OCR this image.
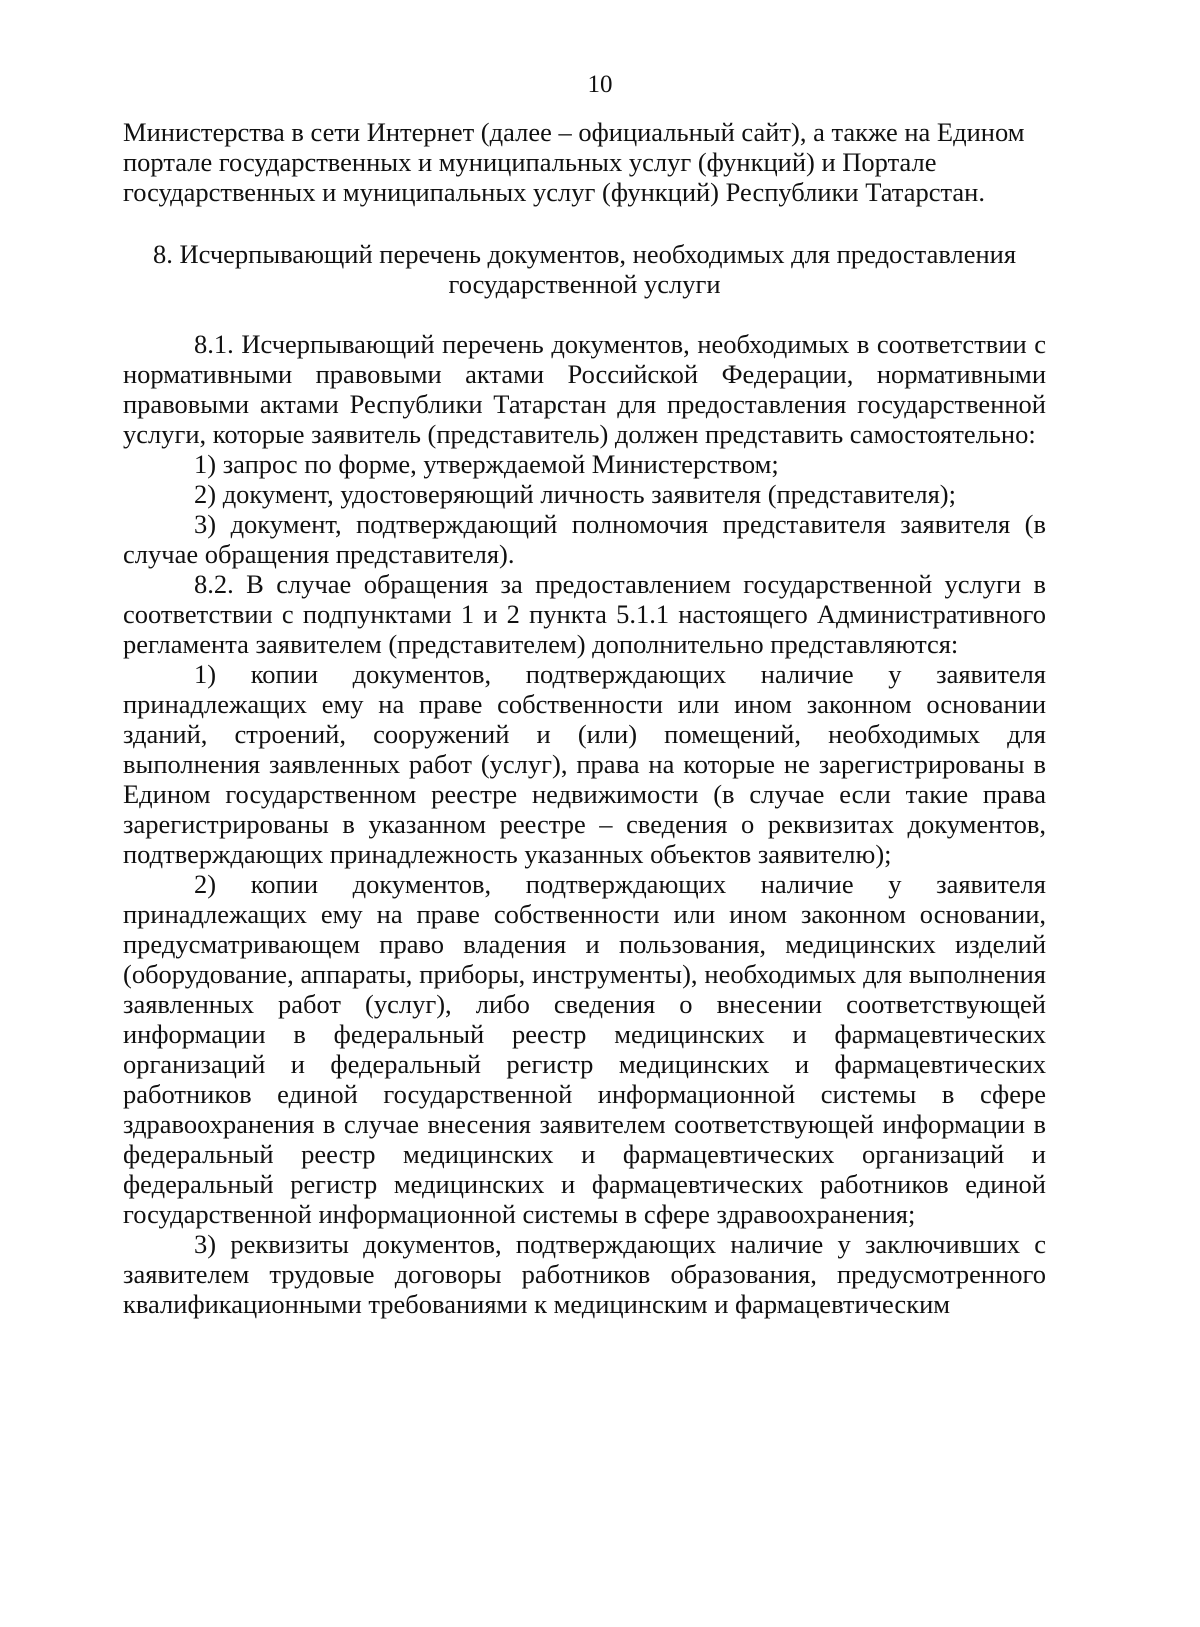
10

Министерства в сети Интернет (далее – официальный сайт), а также на Едином портале государственных и муниципальных услуг (функций) и Портале государственных и муниципальных услуг (функций) Республики Татарстан.

8. Исчерпывающий перечень документов, необходимых для предоставления
государственной услуги

8.1. Исчерпывающий перечень документов, необходимых в соответствии с нормативными правовыми актами Российской Федерации, нормативными правовыми актами Республики Татарстан для предоставления государственной услуги, которые заявитель (представитель) должен представить самостоятельно:

1) запрос по форме, утверждаемой Министерством;

2) документ, удостоверяющий личность заявителя (представителя);

3) документ, подтверждающий полномочия представителя заявителя (в случае обращения представителя).

8.2. В случае обращения за предоставлением государственной услуги в соответствии с подпунктами 1 и 2 пункта 5.1.1 настоящего Административного регламента заявителем (представителем) дополнительно представляются:

1) копии документов, подтверждающих наличие у заявителя принадлежащих ему на праве собственности или ином законном основании зданий, строений, сооружений и (или) помещений, необходимых для выполнения заявленных работ (услуг), права на которые не зарегистрированы в Едином государственном реестре недвижимости (в случае если такие права зарегистрированы в указанном реестре – сведения о реквизитах документов, подтверждающих принадлежность указанных объектов заявителю);

2) копии документов, подтверждающих наличие у заявителя принадлежащих ему на праве собственности или ином законном основании, предусматривающем право владения и пользования, медицинских изделий (оборудование, аппараты, приборы, инструменты), необходимых для выполнения заявленных работ (услуг), либо сведения о внесении соответствующей информации в федеральный реестр медицинских и фармацевтических организаций и федеральный регистр медицинских и фармацевтических работников единой государственной информационной системы в сфере здравоохранения в случае внесения заявителем соответствующей информации в федеральный реестр медицинских и фармацевтических организаций и федеральный регистр медицинских и фармацевтических работников единой государственной информационной системы в сфере здравоохранения;

3) реквизиты документов, подтверждающих наличие у заключивших с заявителем трудовые договоры работников образования, предусмотренного квалификационными требованиями к медицинским и фармацевтическим
